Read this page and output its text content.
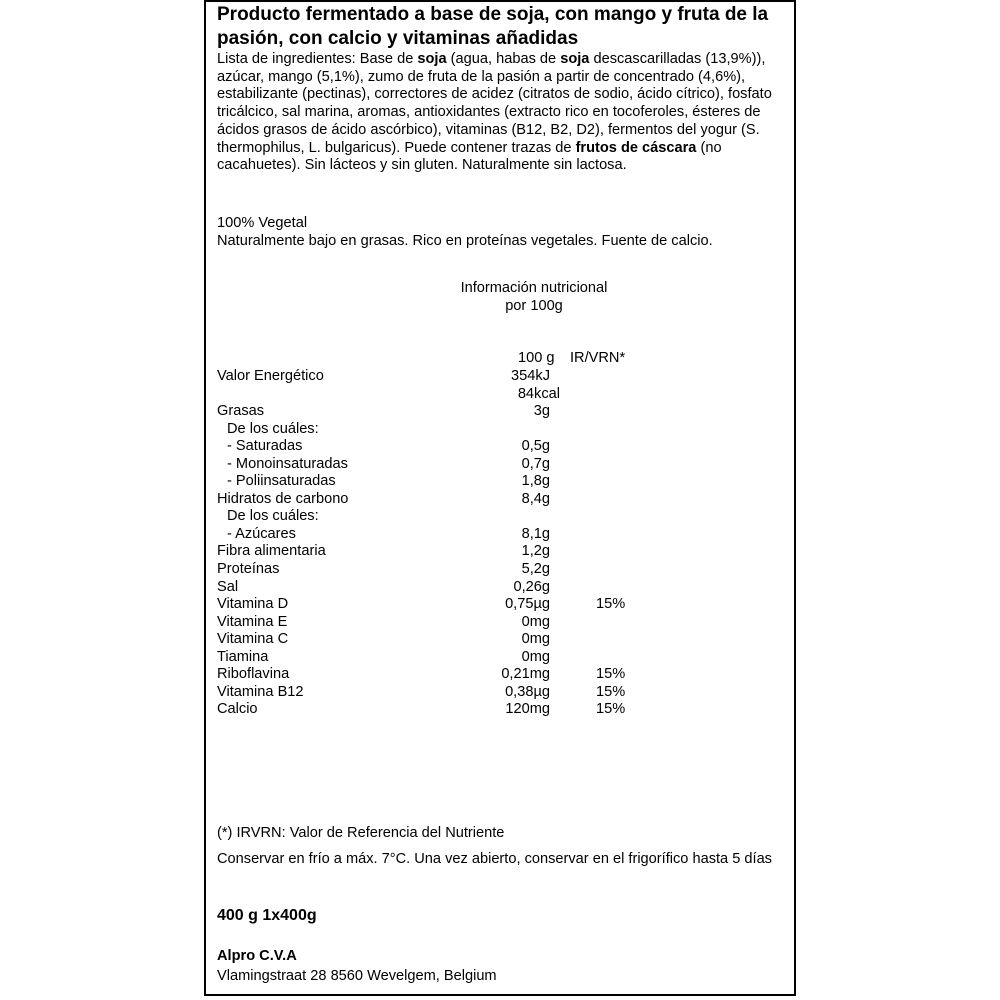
Producto fermentado a base de soja, con mango y fruta de la pasión, con calcio y vitaminas añadidas
Lista de ingredientes: Base de soja (agua, habas de soja descascarilladas (13,9%)), azúcar, mango (5,1%), zumo de fruta de la pasión a partir de concentrado (4,6%), estabilizante (pectinas), correctores de acidez (citratos de sodio, ácido cítrico), fosfato tricálcico, sal marina, aromas, antioxidantes (extracto rico en tocoferoles, ésteres de ácidos grasos de ácido ascórbico), vitaminas (B12, B2, D2), fermentos del yogur (S. thermophilus, L. bulgaricus). Puede contener trazas de frutos de cáscara (no cacahuetes). Sin lácteos y sin gluten. Naturalmente sin lactosa.
100% Vegetal
Naturalmente bajo en grasas. Rico en proteínas vegetales. Fuente de calcio.
Información nutricional
por 100g
100 g IR/VRN*
Valor Energético	354kJ
84kcal
Grasas	3g
De los cuáles:
- Saturadas	0,5g
- Monoinsaturadas	0,7g
- Poliinsaturadas	1,8g
Hidratos de carbono	8,4g
De los cuáles:
- Azúcares	8,1g
Fibra alimentaria	1,2g
Proteínas	5,2g
Sal	0,26g
Vitamina D	0,75µg	15%
Vitamina E	0mg
Vitamina C	0mg
Tiamina	0mg
Riboflavina	0,21mg	15%
Vitamina B12	0,38µg	15%
Calcio	120mg	15%
(*) IRVRN: Valor de Referencia del Nutriente
Conservar en frío a máx. 7°C. Una vez abierto, conservar en el frigorífico hasta 5 días
400 g 1x400g
Alpro C.V.A
Vlamingstraat 28 8560 Wevelgem, Belgium
